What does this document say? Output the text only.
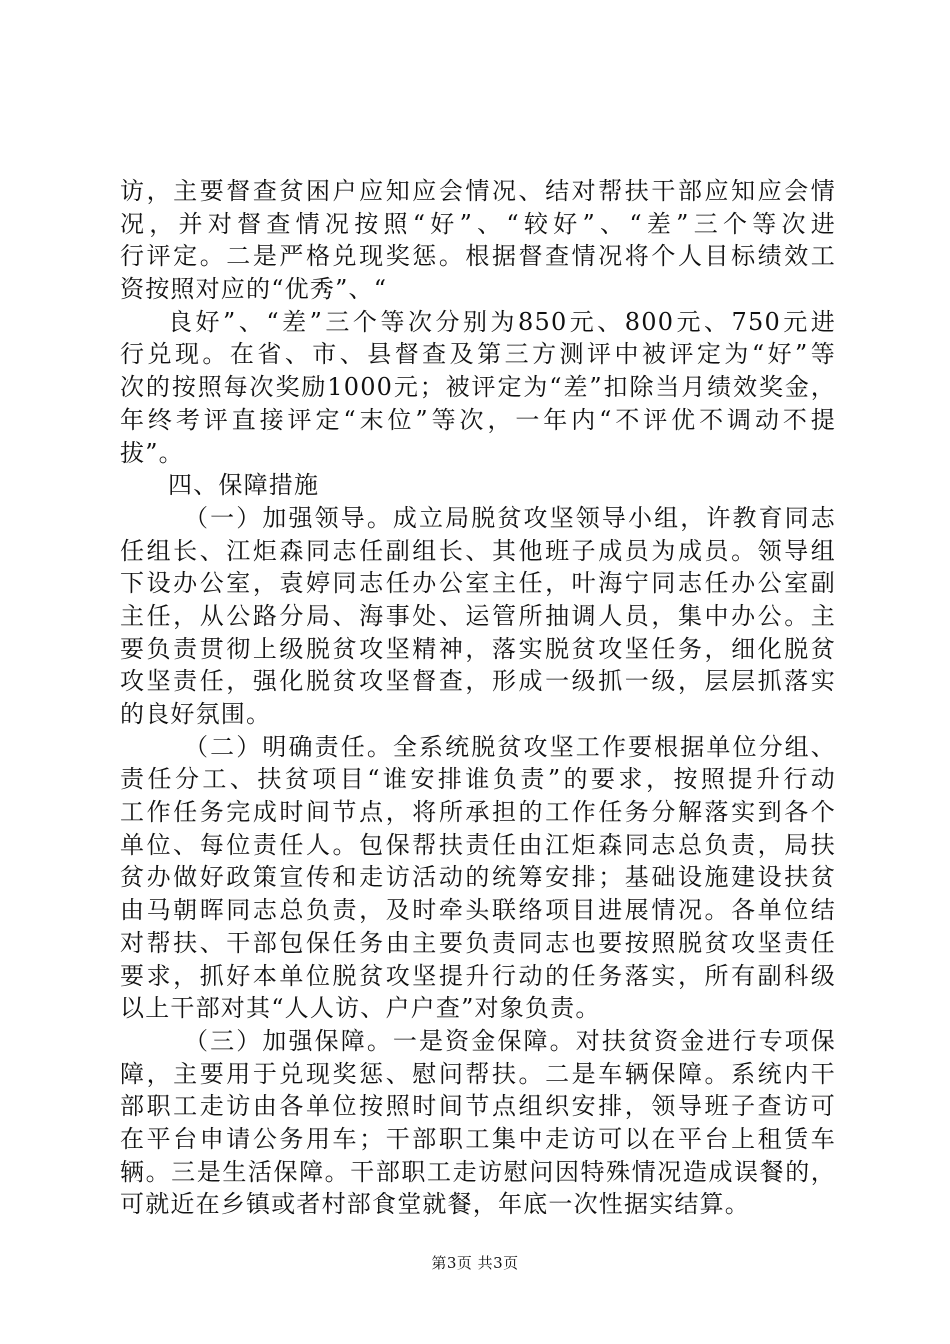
访，主要督查贫困户应知应会情况、结对帮扶干部应知应会情
况，并对督查情况按照“好”、“较好”、“差”三个等次进
行评定。二是严格兑现奖惩。根据督查情况将个人目标绩效工
资按照对应的“优秀”、“
良好”、“差”三个等次分别为850元、800元、750元进
行兑现。在省、市、县督查及第三方测评中被评定为“好”等
次的按照每次奖励1000元；被评定为“差”扣除当月绩效奖金，
年终考评直接评定“末位”等次，一年内“不评优不调动不提
拔”。
四、保障措施
（一）加强领导。成立局脱贫攻坚领导小组，许教育同志
任组长、江炬森同志任副组长、其他班子成员为成员。领导组
下设办公室，袁婷同志任办公室主任，叶海宁同志任办公室副
主任，从公路分局、海事处、运管所抽调人员，集中办公。主
要负责贯彻上级脱贫攻坚精神，落实脱贫攻坚任务，细化脱贫
攻坚责任，强化脱贫攻坚督查，形成一级抓一级，层层抓落实
的良好氛围。
（二）明确责任。全系统脱贫攻坚工作要根据单位分组、
责任分工、扶贫项目“谁安排谁负责”的要求，按照提升行动
工作任务完成时间节点，将所承担的工作任务分解落实到各个
单位、每位责任人。包保帮扶责任由江炬森同志总负责，局扶
贫办做好政策宣传和走访活动的统筹安排；基础设施建设扶贫
由马朝晖同志总负责，及时牵头联络项目进展情况。各单位结
对帮扶、干部包保任务由主要负责同志也要按照脱贫攻坚责任
要求，抓好本单位脱贫攻坚提升行动的任务落实，所有副科级
以上干部对其“人人访、户户查”对象负责。
（三）加强保障。一是资金保障。对扶贫资金进行专项保
障，主要用于兑现奖惩、慰问帮扶。二是车辆保障。系统内干
部职工走访由各单位按照时间节点组织安排，领导班子查访可
在平台申请公务用车；干部职工集中走访可以在平台上租赁车
辆。三是生活保障。干部职工走访慰问因特殊情况造成误餐的，
可就近在乡镇或者村部食堂就餐，年底一次性据实结算。
第3页 共3页
